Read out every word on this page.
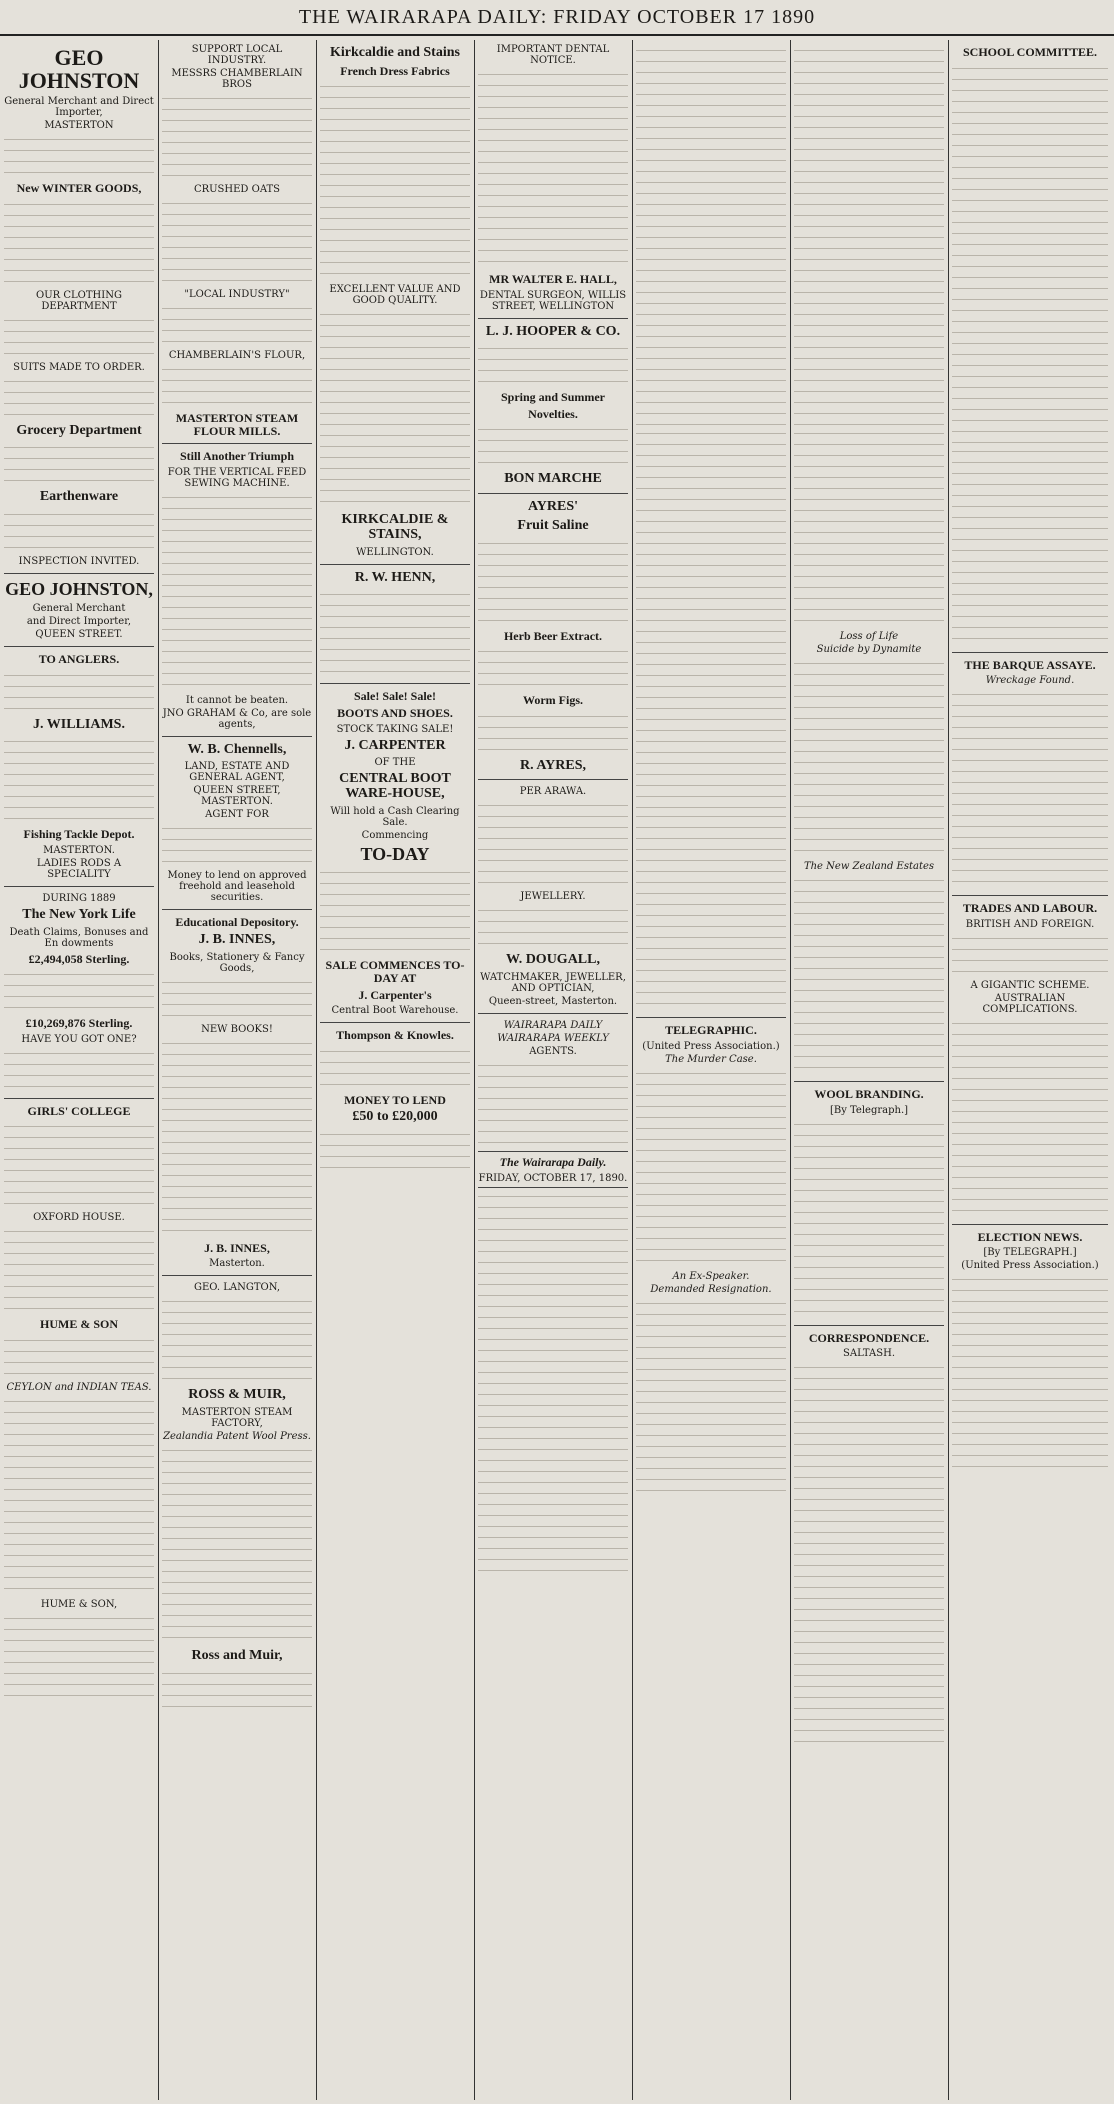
THE WAIRARAPA DAILY: FRIDAY OCTOBER 17 1890
GEO JOHNSTON
General Merchant and Direct Importer,
MASTERTON
New WINTER GOODS,
OUR CLOTHING DEPARTMENT
SUITS MADE TO ORDER.
Grocery Department
Earthenware
INSPECTION INVITED.
GEO JOHNSTON,
General Merchant
and Direct Importer,
QUEEN STREET.
TO ANGLERS.
J. WILLIAMS.
Fishing Tackle Depot.
MASTERTON.
LADIES RODS A SPECIALITY
DURING 1889
The New York Life
Death Claims, Bonuses and En dowments
£2,494,058 Sterling.
£10,269,876 Sterling.
HAVE YOU GOT ONE?
GIRLS' COLLEGE
OXFORD HOUSE.
HUME & SON
CEYLON and INDIAN TEAS.
HUME & SON,
SUPPORT LOCAL INDUSTRY.
MESSRS CHAMBERLAIN BROS
CRUSHED OATS
"LOCAL INDUSTRY"
CHAMBERLAIN'S FLOUR,
MASTERTON STEAM FLOUR MILLS.
Still Another Triumph
FOR THE VERTICAL FEED SEWING MACHINE.
It cannot be beaten.
JNO GRAHAM & Co, are sole agents,
W. B. Chennells,
LAND, ESTATE AND GENERAL AGENT,
QUEEN STREET, MASTERTON.
AGENT FOR
Money to lend on approved freehold and leasehold securities.
Educational Depository.
J. B. INNES,
Books, Stationery & Fancy Goods,
NEW BOOKS!
J. B. INNES,
Masterton.
GEO. LANGTON,
ROSS & MUIR,
MASTERTON STEAM FACTORY,
Zealandia Patent Wool Press.
Ross and Muir,
Kirkcaldie and Stains
French Dress Fabrics
EXCELLENT VALUE AND GOOD QUALITY.
KIRKCALDIE & STAINS,
WELLINGTON.
R. W. HENN,
Sale! Sale! Sale!
BOOTS AND SHOES.
STOCK TAKING SALE!
J. CARPENTER
OF THE
CENTRAL BOOT WARE-HOUSE,
Will hold a Cash Clearing Sale.
Commencing
TO-DAY
SALE COMMENCES TO-DAY AT
J. Carpenter's
Central Boot Warehouse.
Thompson & Knowles.
MONEY TO LEND
£50 to £20,000
IMPORTANT DENTAL NOTICE.
MR WALTER E. HALL,
DENTAL SURGEON, WILLIS STREET, WELLINGTON
L. J. HOOPER & CO.
Spring and Summer
Novelties.
BON MARCHE
AYRES'
Fruit Saline
Herb Beer Extract.
Worm Figs.
R. AYRES,
PER ARAWA.
JEWELLERY.
W. DOUGALL,
WATCHMAKER, JEWELLER, AND OPTICIAN,
Queen-street, Masterton.
WAIRARAPA DAILY
WAIRARAPA WEEKLY
AGENTS.
The Wairarapa Daily.
FRIDAY, OCTOBER 17, 1890.
TELEGRAPHIC.
(United Press Association.)
The Murder Case.
An Ex-Speaker.
Demanded Resignation.
Loss of Life
Suicide by Dynamite
The New Zealand Estates
WOOL BRANDING.
[By Telegraph.]
CORRESPONDENCE.
SALTASH.
SCHOOL COMMITTEE.
THE BARQUE ASSAYE.
Wreckage Found.
TRADES AND LABOUR.
BRITISH AND FOREIGN.
A GIGANTIC SCHEME.
AUSTRALIAN COMPLICATIONS.
ELECTION NEWS.
[By TELEGRAPH.]
(United Press Association.)
